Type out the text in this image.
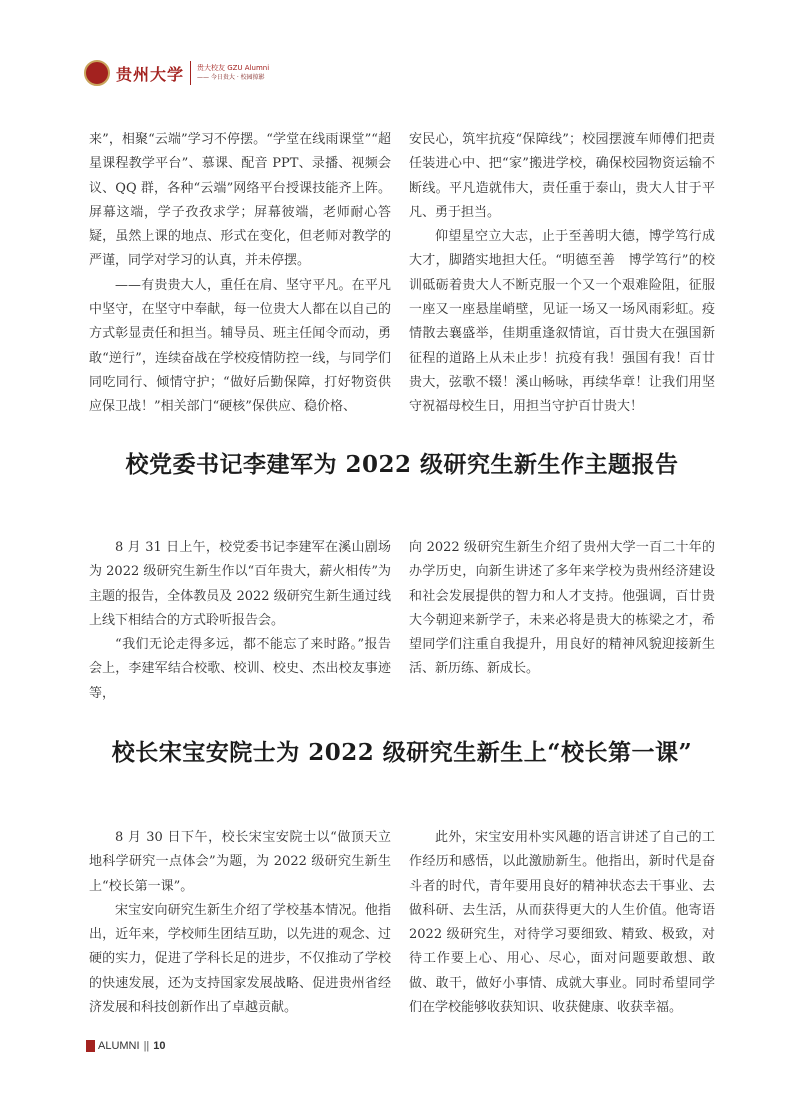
贵州大学 贵大校友 GZU Alumni
—— 今日贵大 · 校园掠影

来”，相聚“云端”学习不停摆。“学堂在线雨课堂”“超星课程教学平台”、慕课、配音 PPT、录播、视频会议、QQ 群，各种“云端”网络平台授课技能齐上阵。屏幕这端，学子孜孜求学；屏幕彼端，老师耐心答疑，虽然上课的地点、形式在变化，但老师对教学的严谨，同学对学习的认真，并未停摆。

——有贵贵大人，重任在肩、坚守平凡。在平凡中坚守，在坚守中奉献，每一位贵大人都在以自己的方式彰显责任和担当。辅导员、班主任闻令而动，勇敢“逆行”，连续奋战在学校疫情防控一线，与同学们同吃同行、倾情守护；“做好后勤保障，打好物资供应保卫战！”相关部门“硬核”保供应、稳价格、

安民心，筑牢抗疫“保障线”；校园摆渡车师傅们把责任装进心中、把“家”搬进学校，确保校园物资运输不断线。平凡造就伟大，责任重于泰山，贵大人甘于平凡、勇于担当。

仰望星空立大志，止于至善明大德，博学笃行成大才，脚踏实地担大任。“明德至善　博学笃行”的校训砥砺着贵大人不断克服一个又一个艰难险阻，征服一座又一座悬崖峭壁，见证一场又一场风雨彩虹。疫情散去襄盛举，佳期重逢叙情谊，百廿贵大在强国新征程的道路上从未止步！抗疫有我！强国有我！百廿贵大，弦歌不辍！溪山畅咏，再续华章！让我们用坚守祝福母校生日，用担当守护百廿贵大！

校党委书记李建军为 2022 级研究生新生作主题报告

8 月 31 日上午，校党委书记李建军在溪山剧场为 2022 级研究生新生作以“百年贵大，薪火相传”为主题的报告，全体教员及 2022 级研究生新生通过线上线下相结合的方式聆听报告会。

“我们无论走得多远，都不能忘了来时路。”报告会上，李建军结合校歌、校训、校史、杰出校友事迹等，

向 2022 级研究生新生介绍了贵州大学一百二十年的办学历史，向新生讲述了多年来学校为贵州经济建设和社会发展提供的智力和人才支持。他强调，百廿贵大今朝迎来新学子，未来必将是贵大的栋梁之才，希望同学们注重自我提升，用良好的精神风貌迎接新生活、新历练、新成长。

校长宋宝安院士为 2022 级研究生新生上“校长第一课”

8 月 30 日下午，校长宋宝安院士以“做顶天立地科学研究一点体会”为题，为 2022 级研究生新生上“校长第一课”。

宋宝安向研究生新生介绍了学校基本情况。他指出，近年来，学校师生团结互助，以先进的观念、过硬的实力，促进了学科长足的进步，不仅推动了学校的快速发展，还为支持国家发展战略、促进贵州省经济发展和科技创新作出了卓越贡献。

此外，宋宝安用朴实风趣的语言讲述了自己的工作经历和感悟，以此激励新生。他指出，新时代是奋斗者的时代，青年要用良好的精神状态去干事业、去做科研、去生活，从而获得更大的人生价值。他寄语 2022 级研究生，对待学习要细致、精致、极致，对待工作要上心、用心、尽心，面对问题要敢想、敢做、敢干，做好小事情、成就大事业。同时希望同学们在学校能够收获知识、收获健康、收获幸福。

ALUMNI || 10
